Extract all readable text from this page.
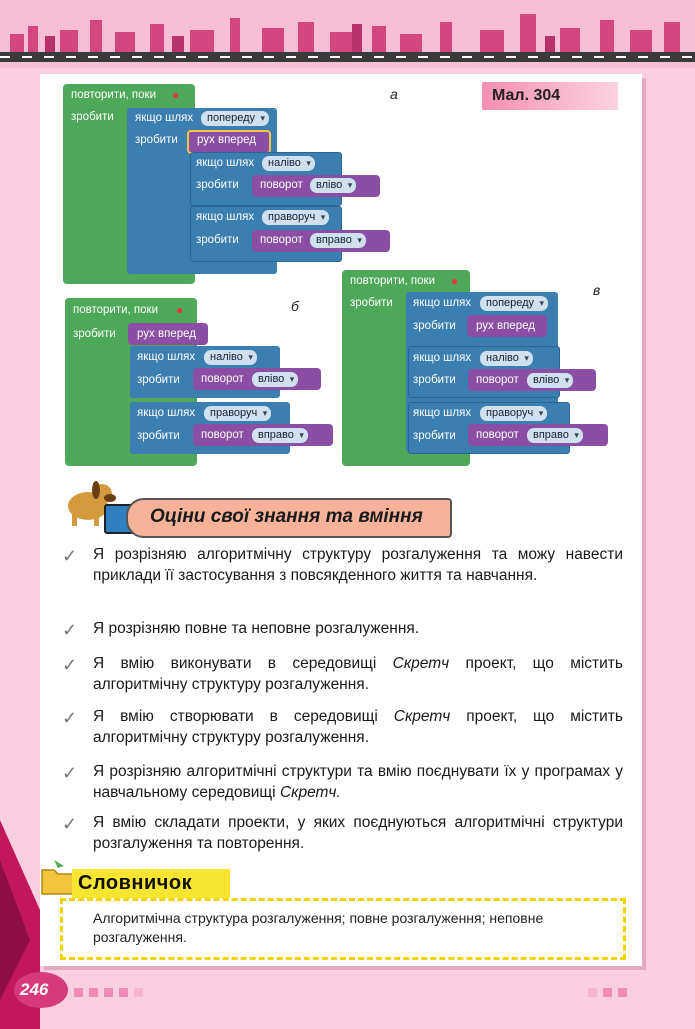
Мал. 304
а
б
в
повторити, поки ●
зробити якщо шлях	попереду ▾
зробити рух вперед
якщо шлях	наліво ▾
зробити поворот	вліво ▾
якщо шлях	праворуч ▾
зробити поворот	вправо ▾
повторити, поки ●
зробити рух вперед
якщо шлях	наліво ▾
зробити поворот	вліво ▾
якщо шлях	праворуч ▾
зробити поворот	вправо ▾
повторити, поки ●
зробити якщо шлях	попереду ▾
зробити рух вперед
якщо шлях	наліво ▾
зробити поворот	вліво ▾
якщо шлях	праворуч ▾
зробити поворот	вправо ▾
Оціни свої знання та вміння
✓ Я розрізняю алгоритмічну структуру розгалуження та можу навести приклади її застосування з повсякденного життя та навчання.
✓ Я розрізняю повне та неповне розгалуження.
✓ Я вмію виконувати в середовищі Скретч проект, що містить алгоритмічну структуру розгалуження.
✓ Я вмію створювати в середовищі Скретч проект, що містить алгоритмічну структуру розгалуження.
✓ Я розрізняю алгоритмічні структури та вмію поєднувати їх у програмах у навчальному середовищі Скретч.
✓ Я вмію складати проекти, у яких поєднуються алгоритмічні структури розгалуження та повторення.
Словничок
Алгоритмічна структура розгалуження; повне розгалуження; неповне розгалуження.
246
